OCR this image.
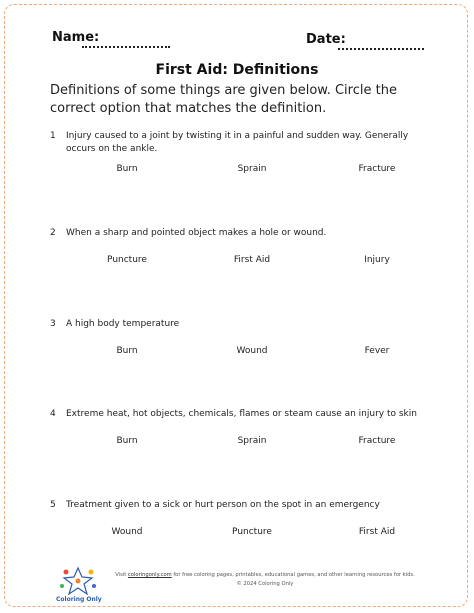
Name:	Date:
First Aid: Definitions
Definitions of some things are given below. Circle the correct option that matches the definition.
1 Injury caused to a joint by twisting it in a painful and sudden way. Generally occurs on the ankle.
Burn	Sprain	Fracture
2 When a sharp and pointed object makes a hole or wound.
Puncture	First Aid	Injury
3 A high body temperature
Burn	Wound	Fever
4 Extreme heat, hot objects, chemicals, flames or steam cause an injury to skin
Burn	Sprain	Fracture
5 Treatment given to a sick or hurt person on the spot in an emergency
Wound	Puncture	First Aid
Coloring Only
Visit coloringonly.com for free coloring pages, printables, educational games, and other learning resources for kids.
© 2024 Coloring Only
